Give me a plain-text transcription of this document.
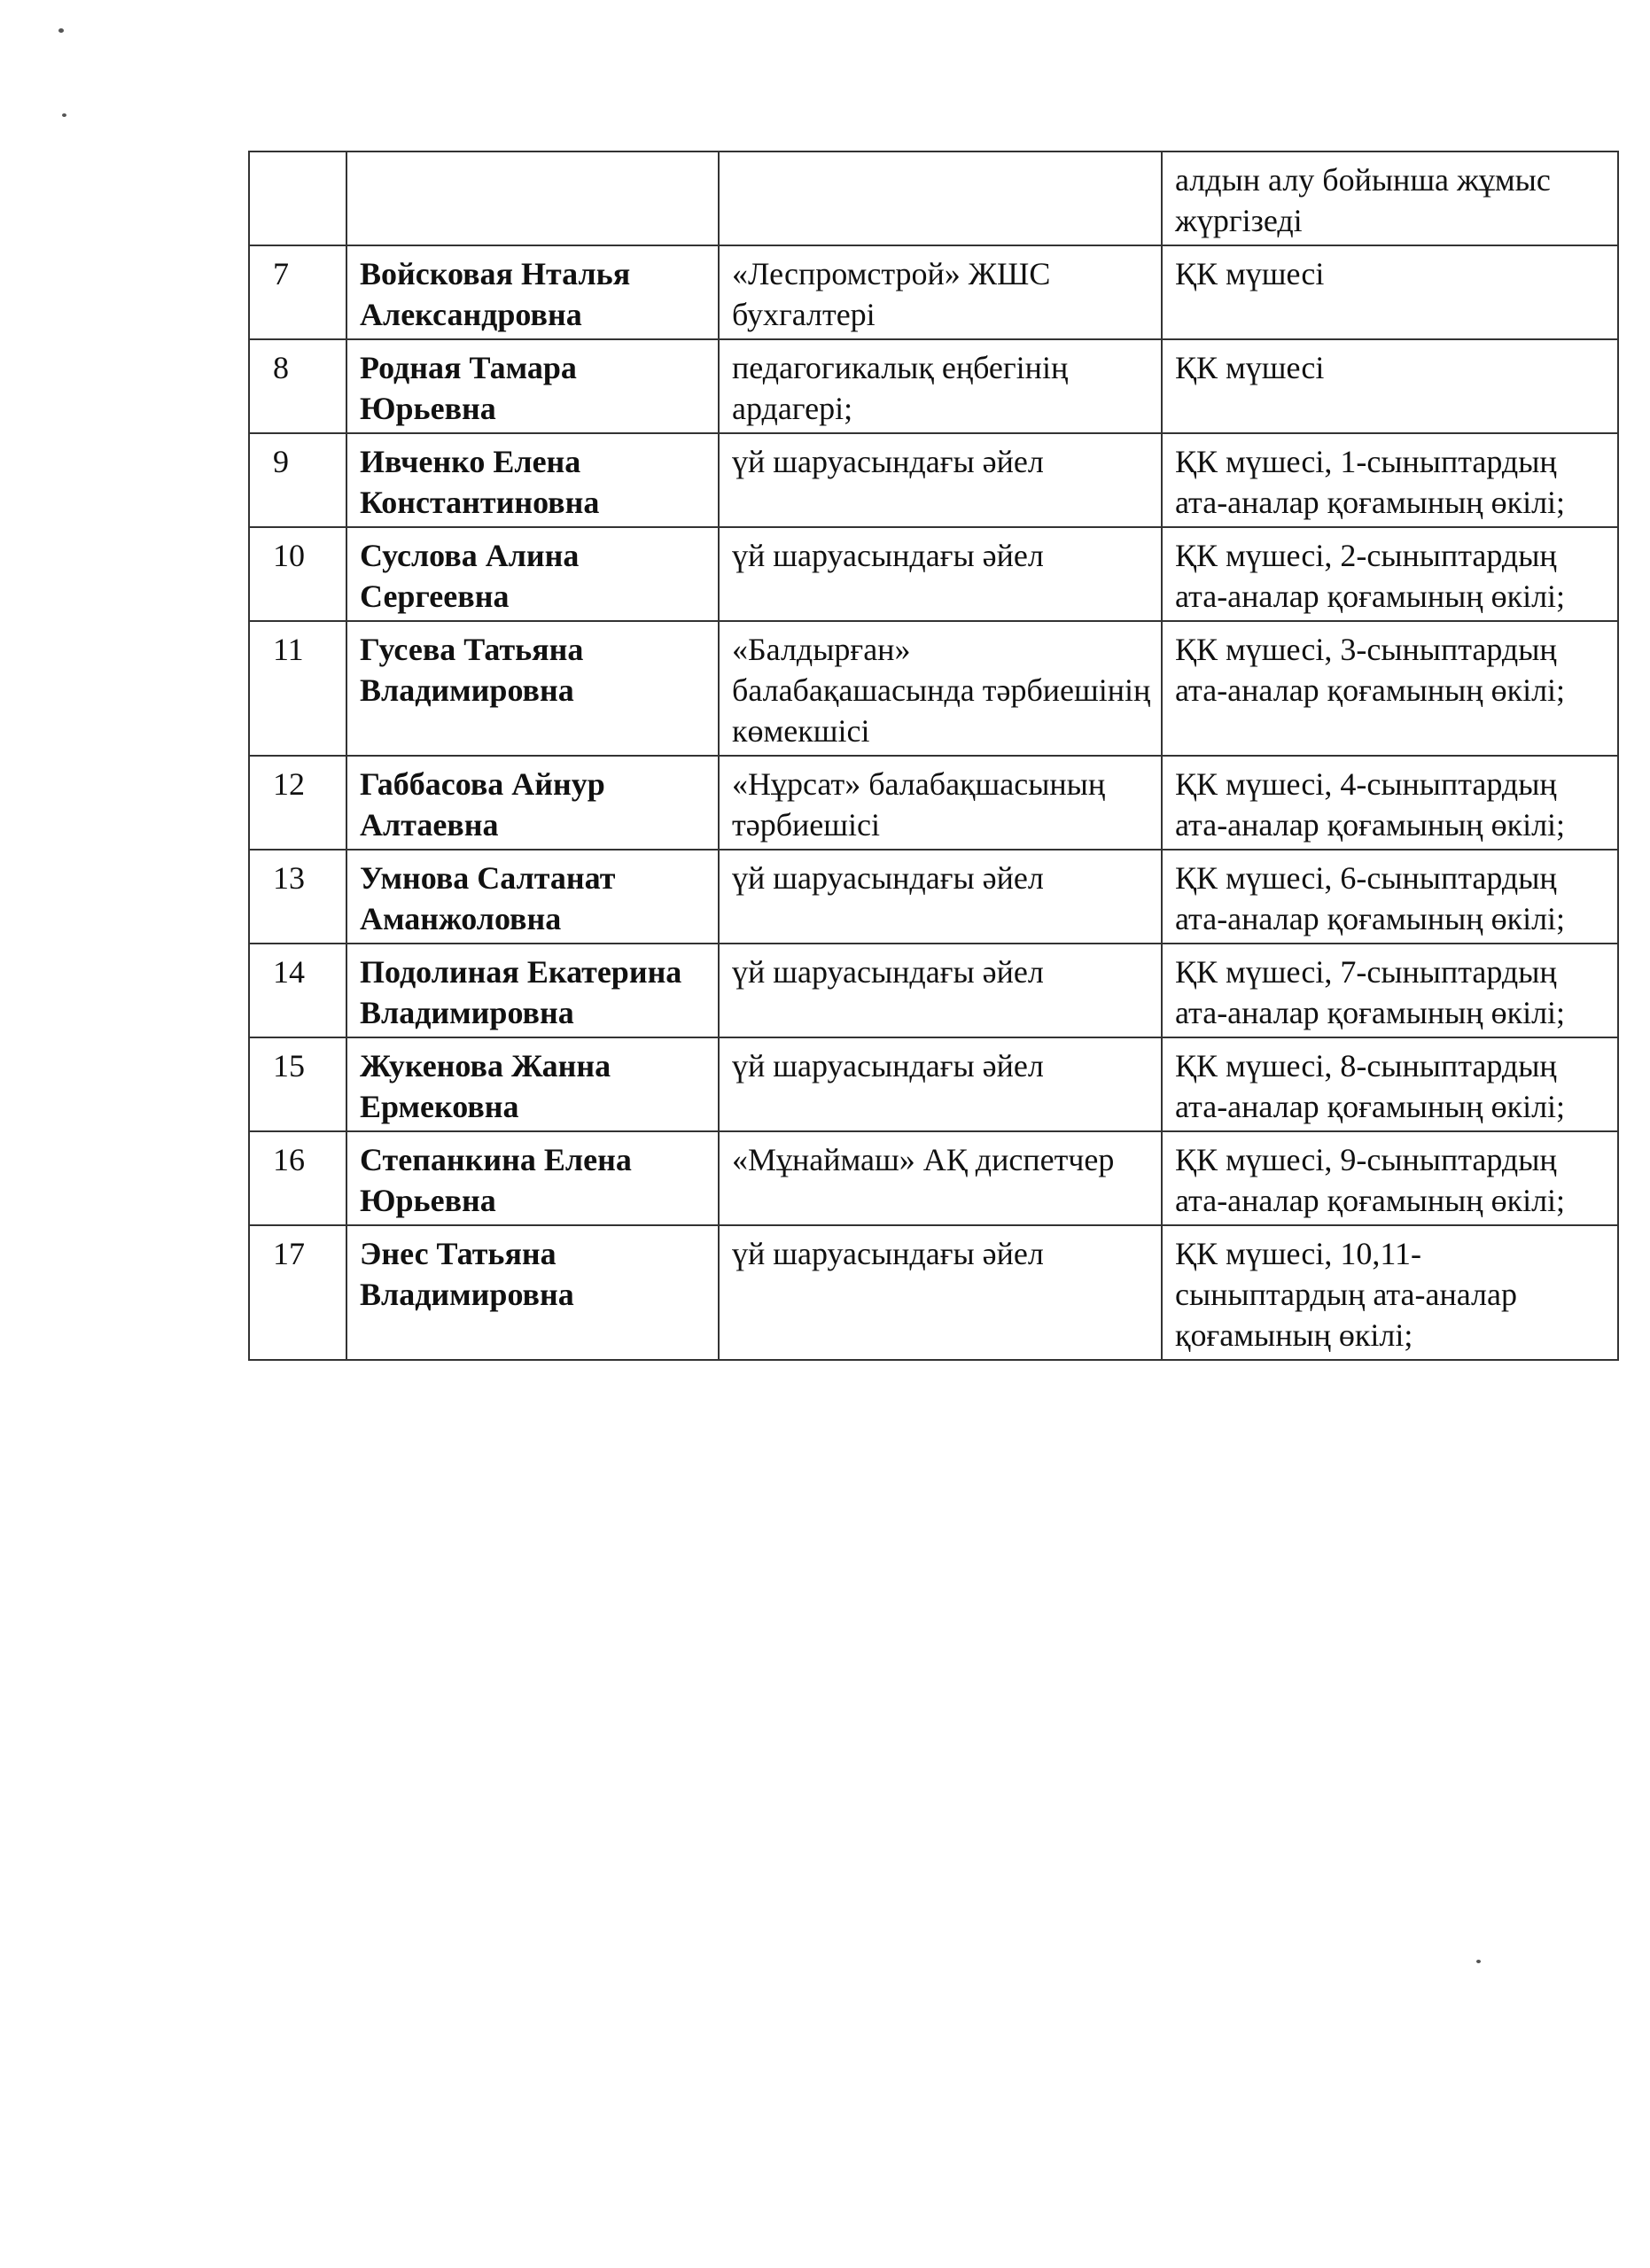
			алдын алу бойынша жұмыс жүргізеді
7	Войсковая Нталья Александровна	«Леспромстрой» ЖШС бухгалтері	ҚК мүшесі
8	Родная Тамара Юрьевна	педагогикалық еңбегінің ардагері;	ҚК мүшесі
9	Ивченко Елена Константиновна	үй шаруасындағы әйел	ҚК мүшесі, 1-сыныптардың ата-аналар қоғамының өкілі;
10	Суслова Алина Сергеевна	үй шаруасындағы әйел	ҚК мүшесі, 2-сыныптардың ата-аналар қоғамының өкілі;
11	Гусева Татьяна Владимировна	«Балдырған» балабақашасында тәрбиешінің көмекшісі	ҚК мүшесі, 3-сыныптардың ата-аналар қоғамының өкілі;
12	Габбасова Айнур Алтаевна	«Нұрсат» балабақшасының тәрбиешісі	ҚК мүшесі, 4-сыныптардың ата-аналар қоғамының өкілі;
13	Умнова Салтанат Аманжоловна	үй шаруасындағы әйел	ҚК мүшесі, 6-сыныптардың ата-аналар қоғамының өкілі;
14	Подолиная Екатерина Владимировна	үй шаруасындағы әйел	ҚК мүшесі, 7-сыныптардың ата-аналар қоғамының өкілі;
15	Жукенова Жанна Ермековна	үй шаруасындағы әйел	ҚК мүшесі, 8-сыныптардың ата-аналар қоғамының өкілі;
16	Степанкина Елена Юрьевна	«Мұнаймаш» АҚ диспетчер	ҚК мүшесі, 9-сыныптардың ата-аналар қоғамының өкілі;
17	Энес Татьяна Владимировна	үй шаруасындағы әйел	ҚК мүшесі, 10,11-сыныптардың ата-аналар қоғамының өкілі;
